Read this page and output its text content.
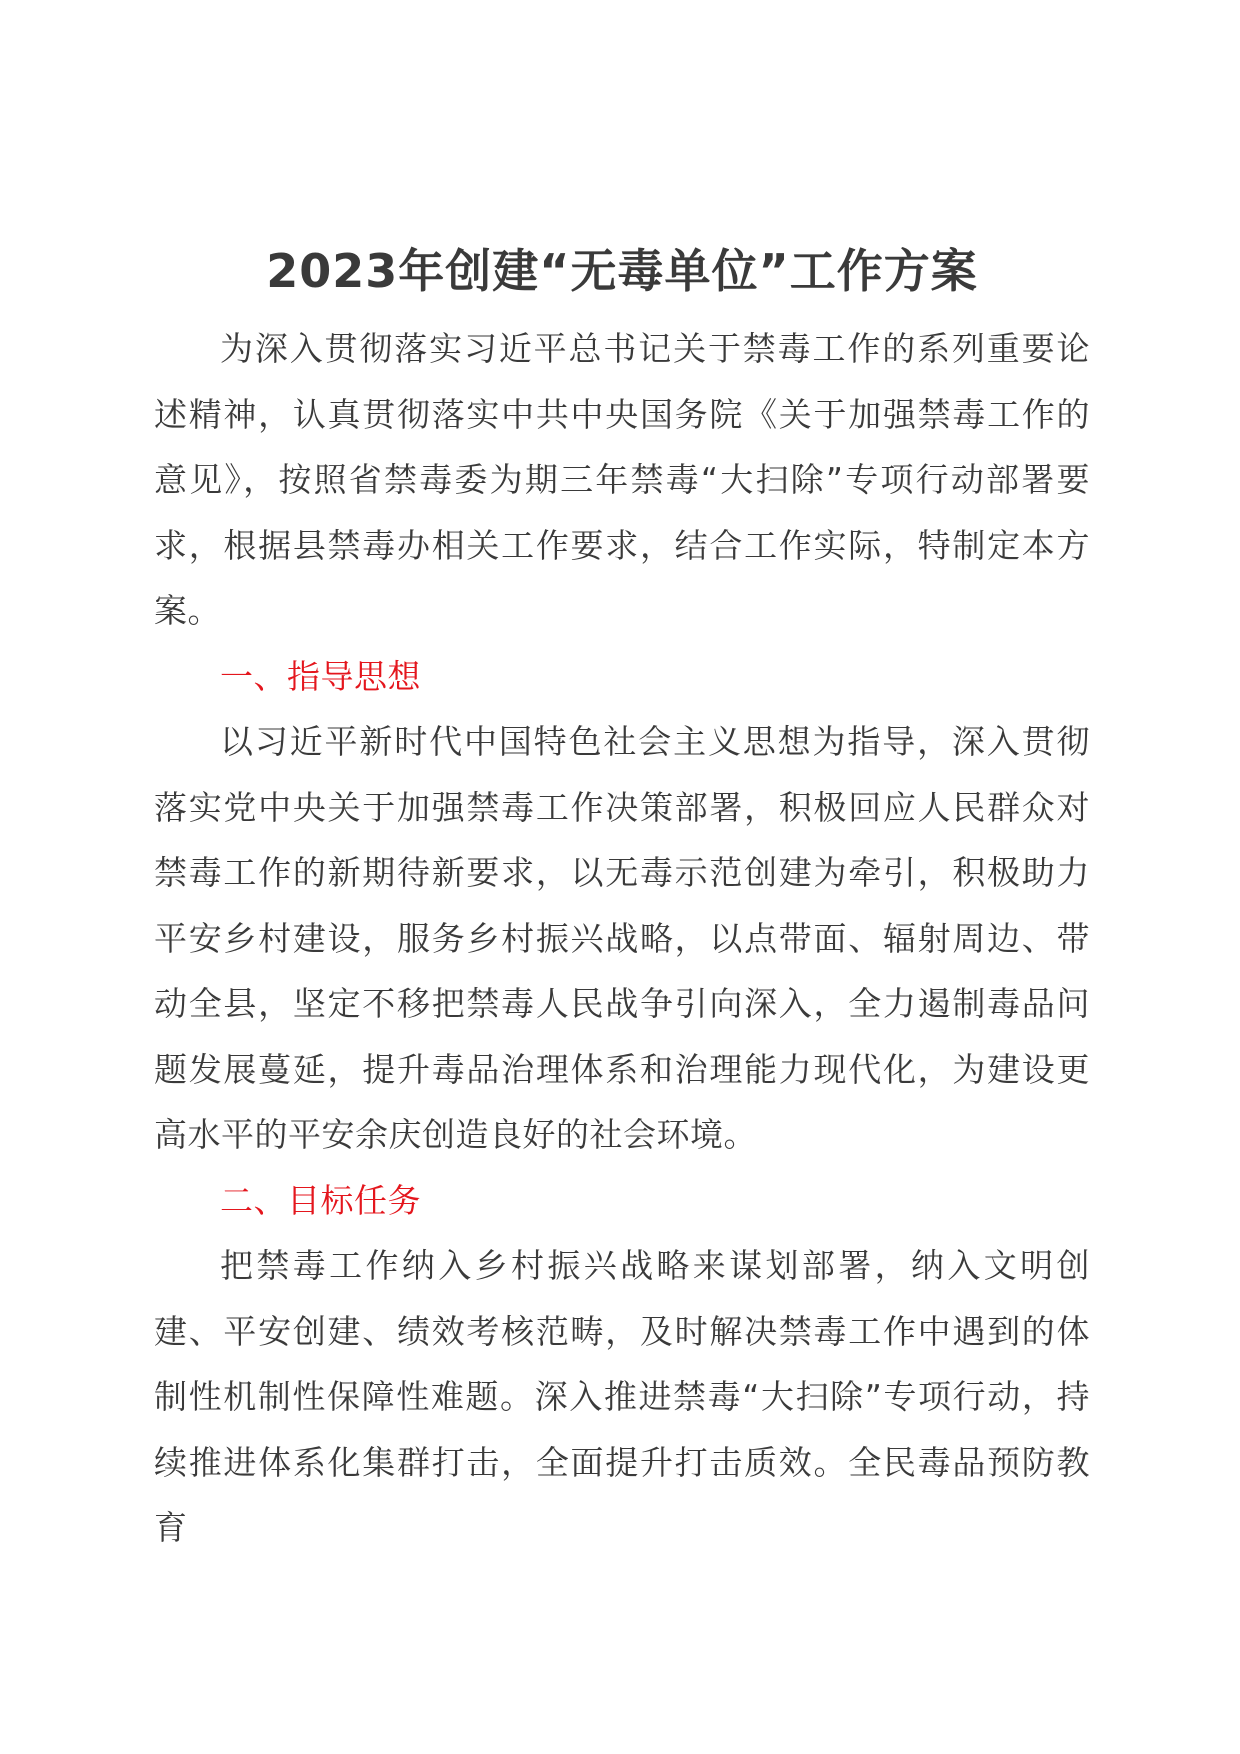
2023年创建“无毒单位”工作方案

为深入贯彻落实习近平总书记关于禁毒工作的系列重要论述精神，认真贯彻落实中共中央国务院《关于加强禁毒工作的意见》，按照省禁毒委为期三年禁毒“大扫除”专项行动部署要求，根据县禁毒办相关工作要求，结合工作实际，特制定本方案。

一、指导思想

以习近平新时代中国特色社会主义思想为指导，深入贯彻落实党中央关于加强禁毒工作决策部署，积极回应人民群众对禁毒工作的新期待新要求，以无毒示范创建为牵引，积极助力平安乡村建设，服务乡村振兴战略，以点带面、辐射周边、带动全县，坚定不移把禁毒人民战争引向深入，全力遏制毒品问题发展蔓延，提升毒品治理体系和治理能力现代化，为建设更高水平的平安余庆创造良好的社会环境。

二、目标任务

把禁毒工作纳入乡村振兴战略来谋划部署，纳入文明创建、平安创建、绩效考核范畴，及时解决禁毒工作中遇到的体制性机制性保障性难题。深入推进禁毒“大扫除”专项行动，持续推进体系化集群打击，全面提升打击质效。全民毒品预防教育
